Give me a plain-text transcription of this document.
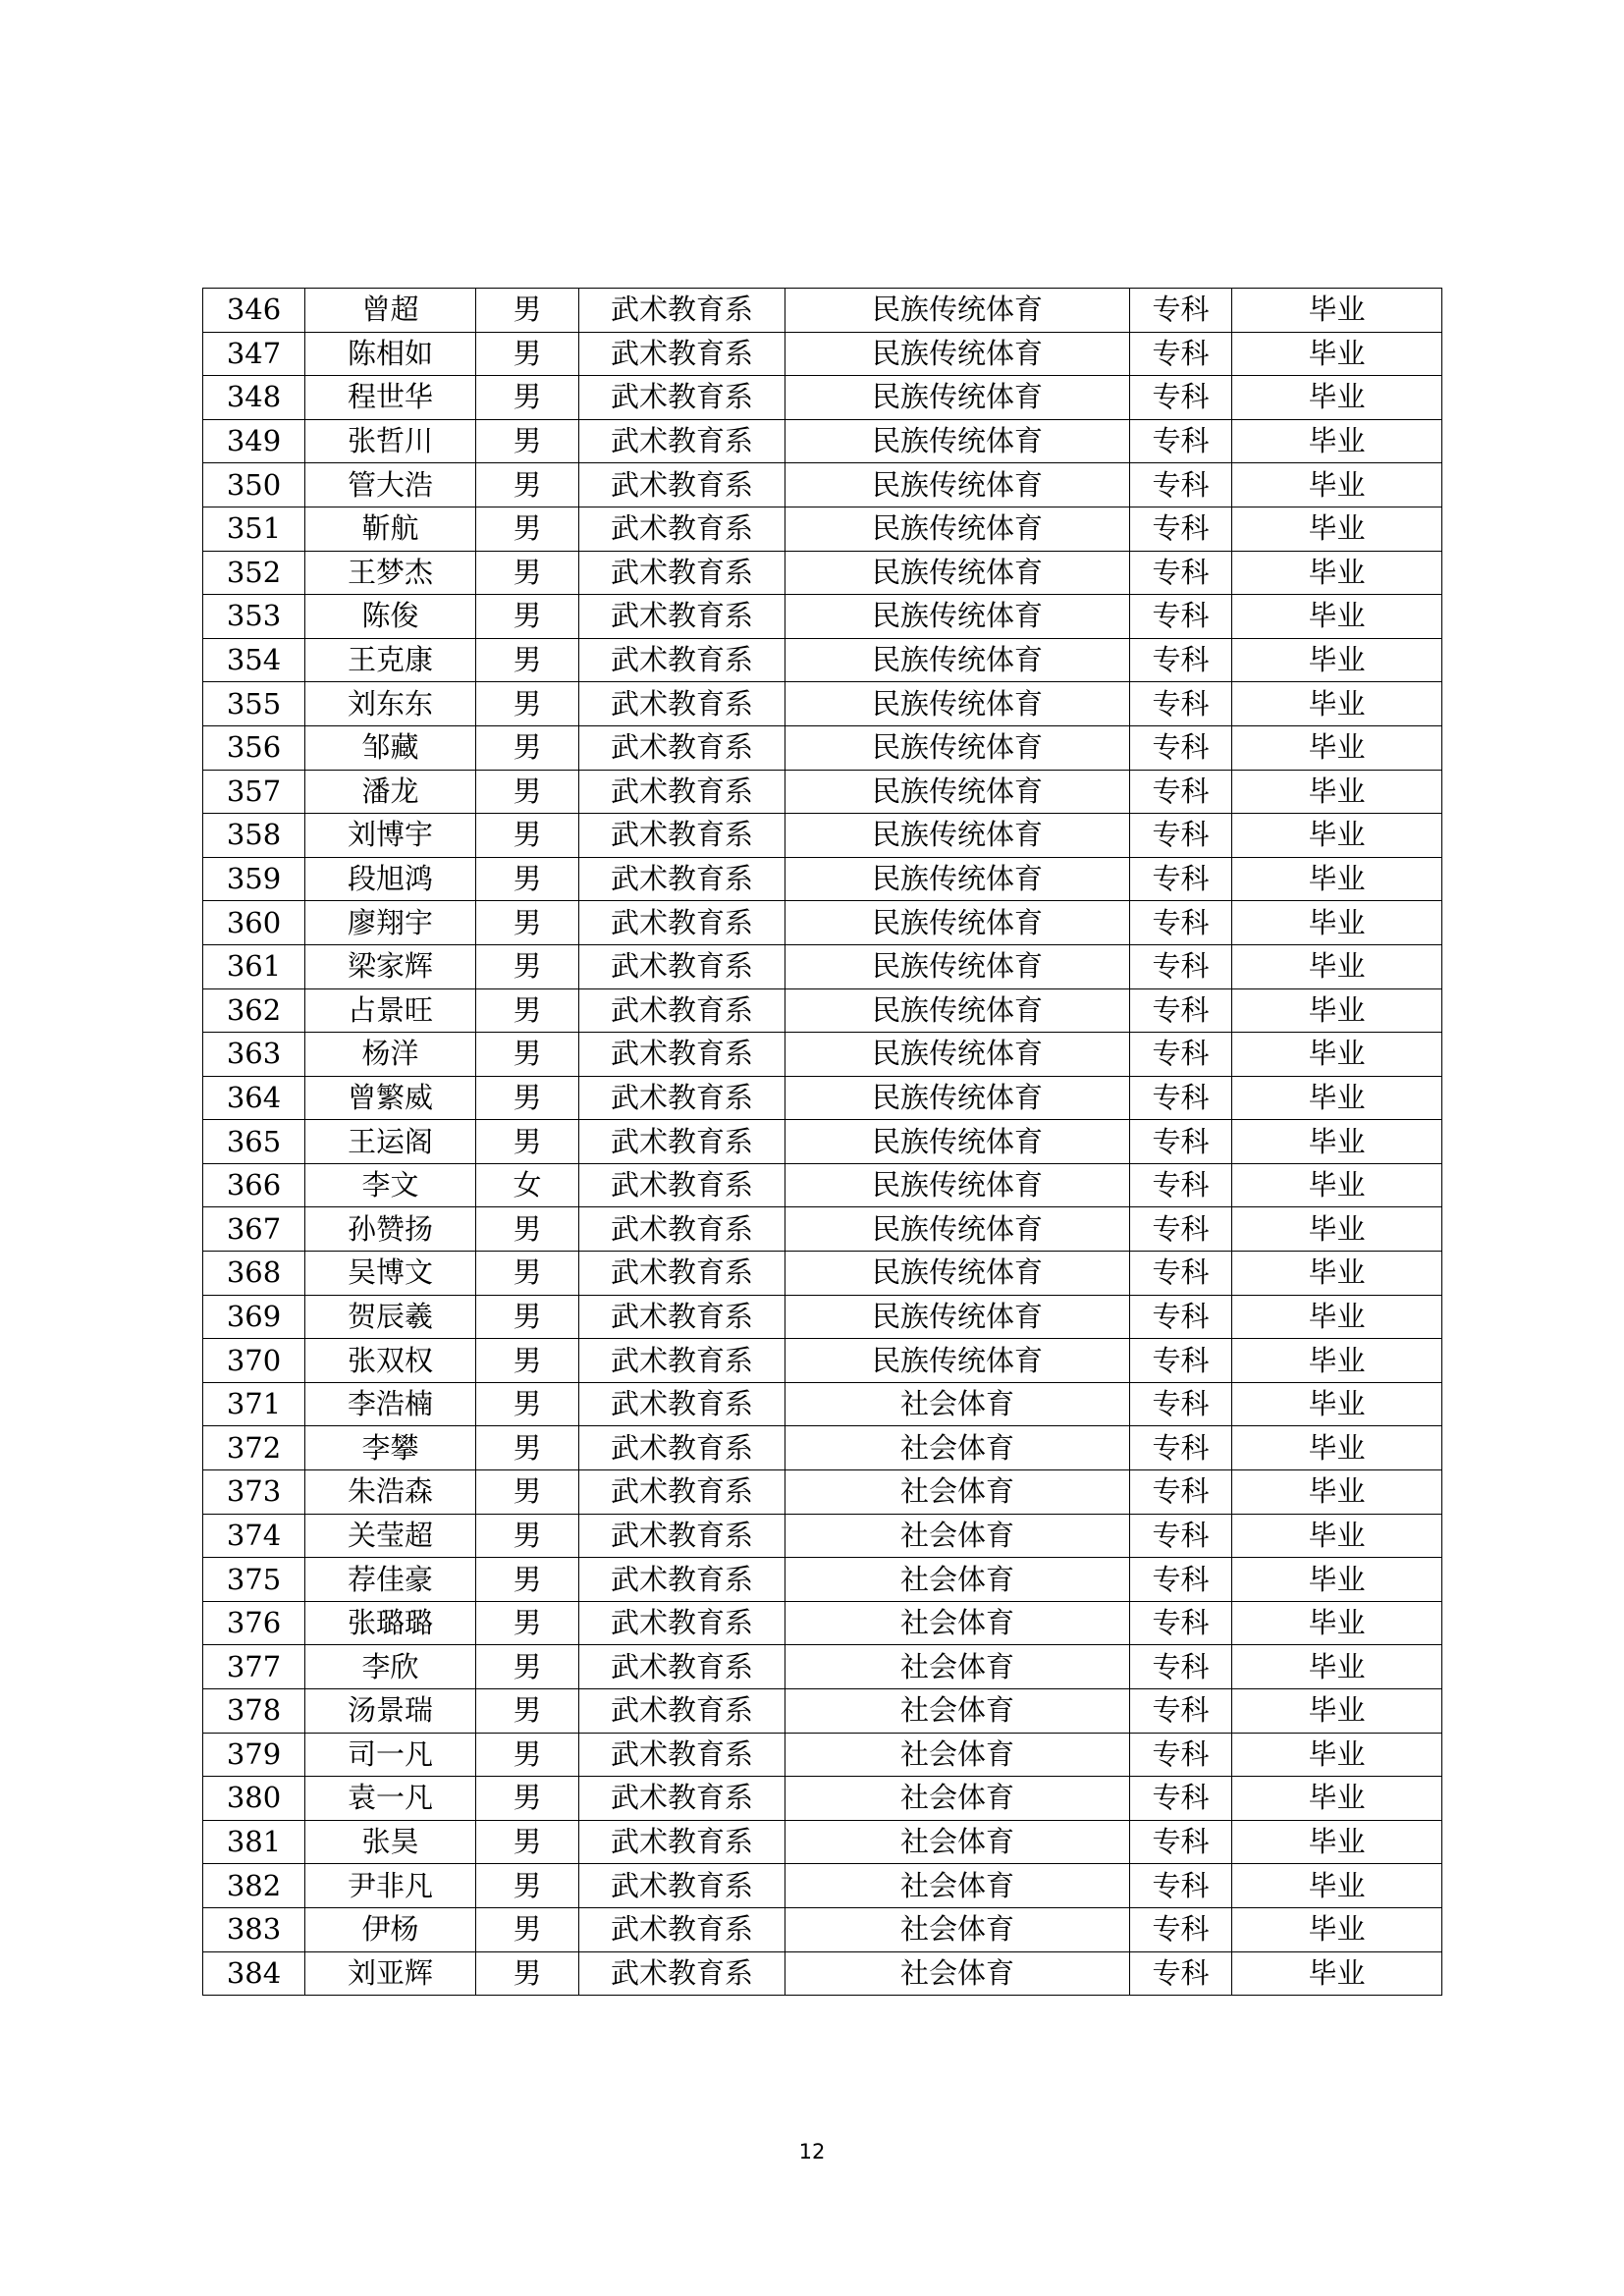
346	曾超	男	武术教育系	民族传统体育	专科	毕业
347	陈相如	男	武术教育系	民族传统体育	专科	毕业
348	程世华	男	武术教育系	民族传统体育	专科	毕业
349	张哲川	男	武术教育系	民族传统体育	专科	毕业
350	管大浩	男	武术教育系	民族传统体育	专科	毕业
351	靳航	男	武术教育系	民族传统体育	专科	毕业
352	王梦杰	男	武术教育系	民族传统体育	专科	毕业
353	陈俊	男	武术教育系	民族传统体育	专科	毕业
354	王克康	男	武术教育系	民族传统体育	专科	毕业
355	刘东东	男	武术教育系	民族传统体育	专科	毕业
356	邹藏	男	武术教育系	民族传统体育	专科	毕业
357	潘龙	男	武术教育系	民族传统体育	专科	毕业
358	刘博宇	男	武术教育系	民族传统体育	专科	毕业
359	段旭鸿	男	武术教育系	民族传统体育	专科	毕业
360	廖翔宇	男	武术教育系	民族传统体育	专科	毕业
361	梁家辉	男	武术教育系	民族传统体育	专科	毕业
362	占景旺	男	武术教育系	民族传统体育	专科	毕业
363	杨洋	男	武术教育系	民族传统体育	专科	毕业
364	曾繁威	男	武术教育系	民族传统体育	专科	毕业
365	王运阁	男	武术教育系	民族传统体育	专科	毕业
366	李文	女	武术教育系	民族传统体育	专科	毕业
367	孙赞扬	男	武术教育系	民族传统体育	专科	毕业
368	吴博文	男	武术教育系	民族传统体育	专科	毕业
369	贺辰羲	男	武术教育系	民族传统体育	专科	毕业
370	张双权	男	武术教育系	民族传统体育	专科	毕业
371	李浩楠	男	武术教育系	社会体育	专科	毕业
372	李攀	男	武术教育系	社会体育	专科	毕业
373	朱浩森	男	武术教育系	社会体育	专科	毕业
374	关莹超	男	武术教育系	社会体育	专科	毕业
375	荐佳豪	男	武术教育系	社会体育	专科	毕业
376	张璐璐	男	武术教育系	社会体育	专科	毕业
377	李欣	男	武术教育系	社会体育	专科	毕业
378	汤景瑞	男	武术教育系	社会体育	专科	毕业
379	司一凡	男	武术教育系	社会体育	专科	毕业
380	袁一凡	男	武术教育系	社会体育	专科	毕业
381	张昊	男	武术教育系	社会体育	专科	毕业
382	尹非凡	男	武术教育系	社会体育	专科	毕业
383	伊杨	男	武术教育系	社会体育	专科	毕业
384	刘亚辉	男	武术教育系	社会体育	专科	毕业
12
